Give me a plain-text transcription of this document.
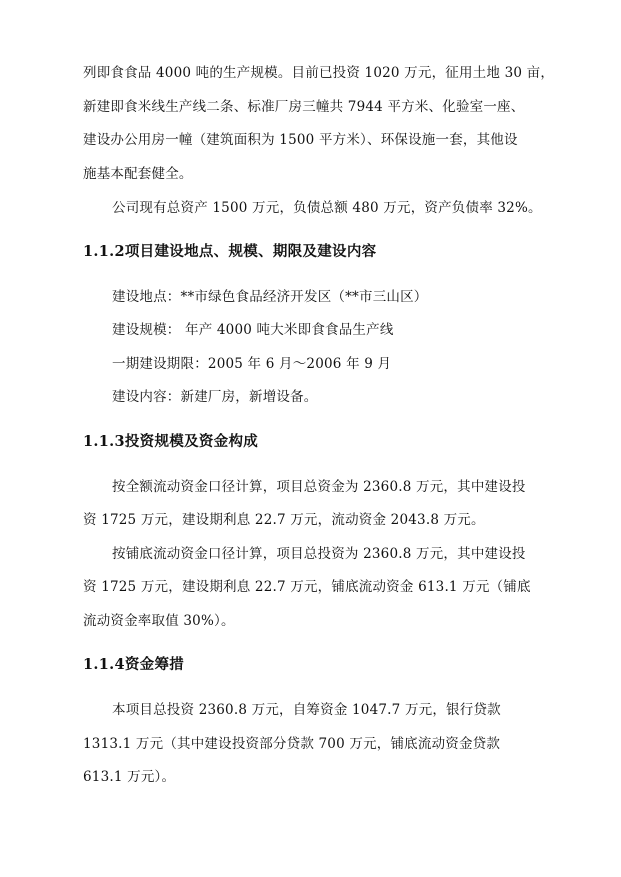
列即食食品 4000 吨的生产规模。目前已投资 1020 万元，征用土地 30 亩，
新建即食米线生产线二条、标准厂房三幢共 7944 平方米、化验室一座、
建设办公用房一幢（建筑面积为 1500 平方米）、环保设施一套，其他设
施基本配套健全。
公司现有总资产 1500 万元，负债总额 480 万元，资产负债率 32%。
1.1.2项目建设地点、规模、期限及建设内容
建设地点：**市绿色食品经济开发区（**市三山区）
建设规模： 年产 4000 吨大米即食食品生产线
一期建设期限：2005 年 6 月～2006 年 9 月
建设内容：新建厂房，新增设备。
1.1.3投资规模及资金构成
按全额流动资金口径计算，项目总资金为 2360.8 万元，其中建设投
资 1725 万元，建设期利息 22.7 万元，流动资金 2043.8 万元。
按铺底流动资金口径计算，项目总投资为 2360.8 万元，其中建设投
资 1725 万元，建设期利息 22.7 万元，铺底流动资金 613.1 万元（铺底
流动资金率取值 30%）。
1.1.4资金筹措
本项目总投资 2360.8 万元，自筹资金 1047.7 万元，银行贷款
1313.1 万元（其中建设投资部分贷款 700 万元，铺底流动资金贷款
613.1 万元）。
